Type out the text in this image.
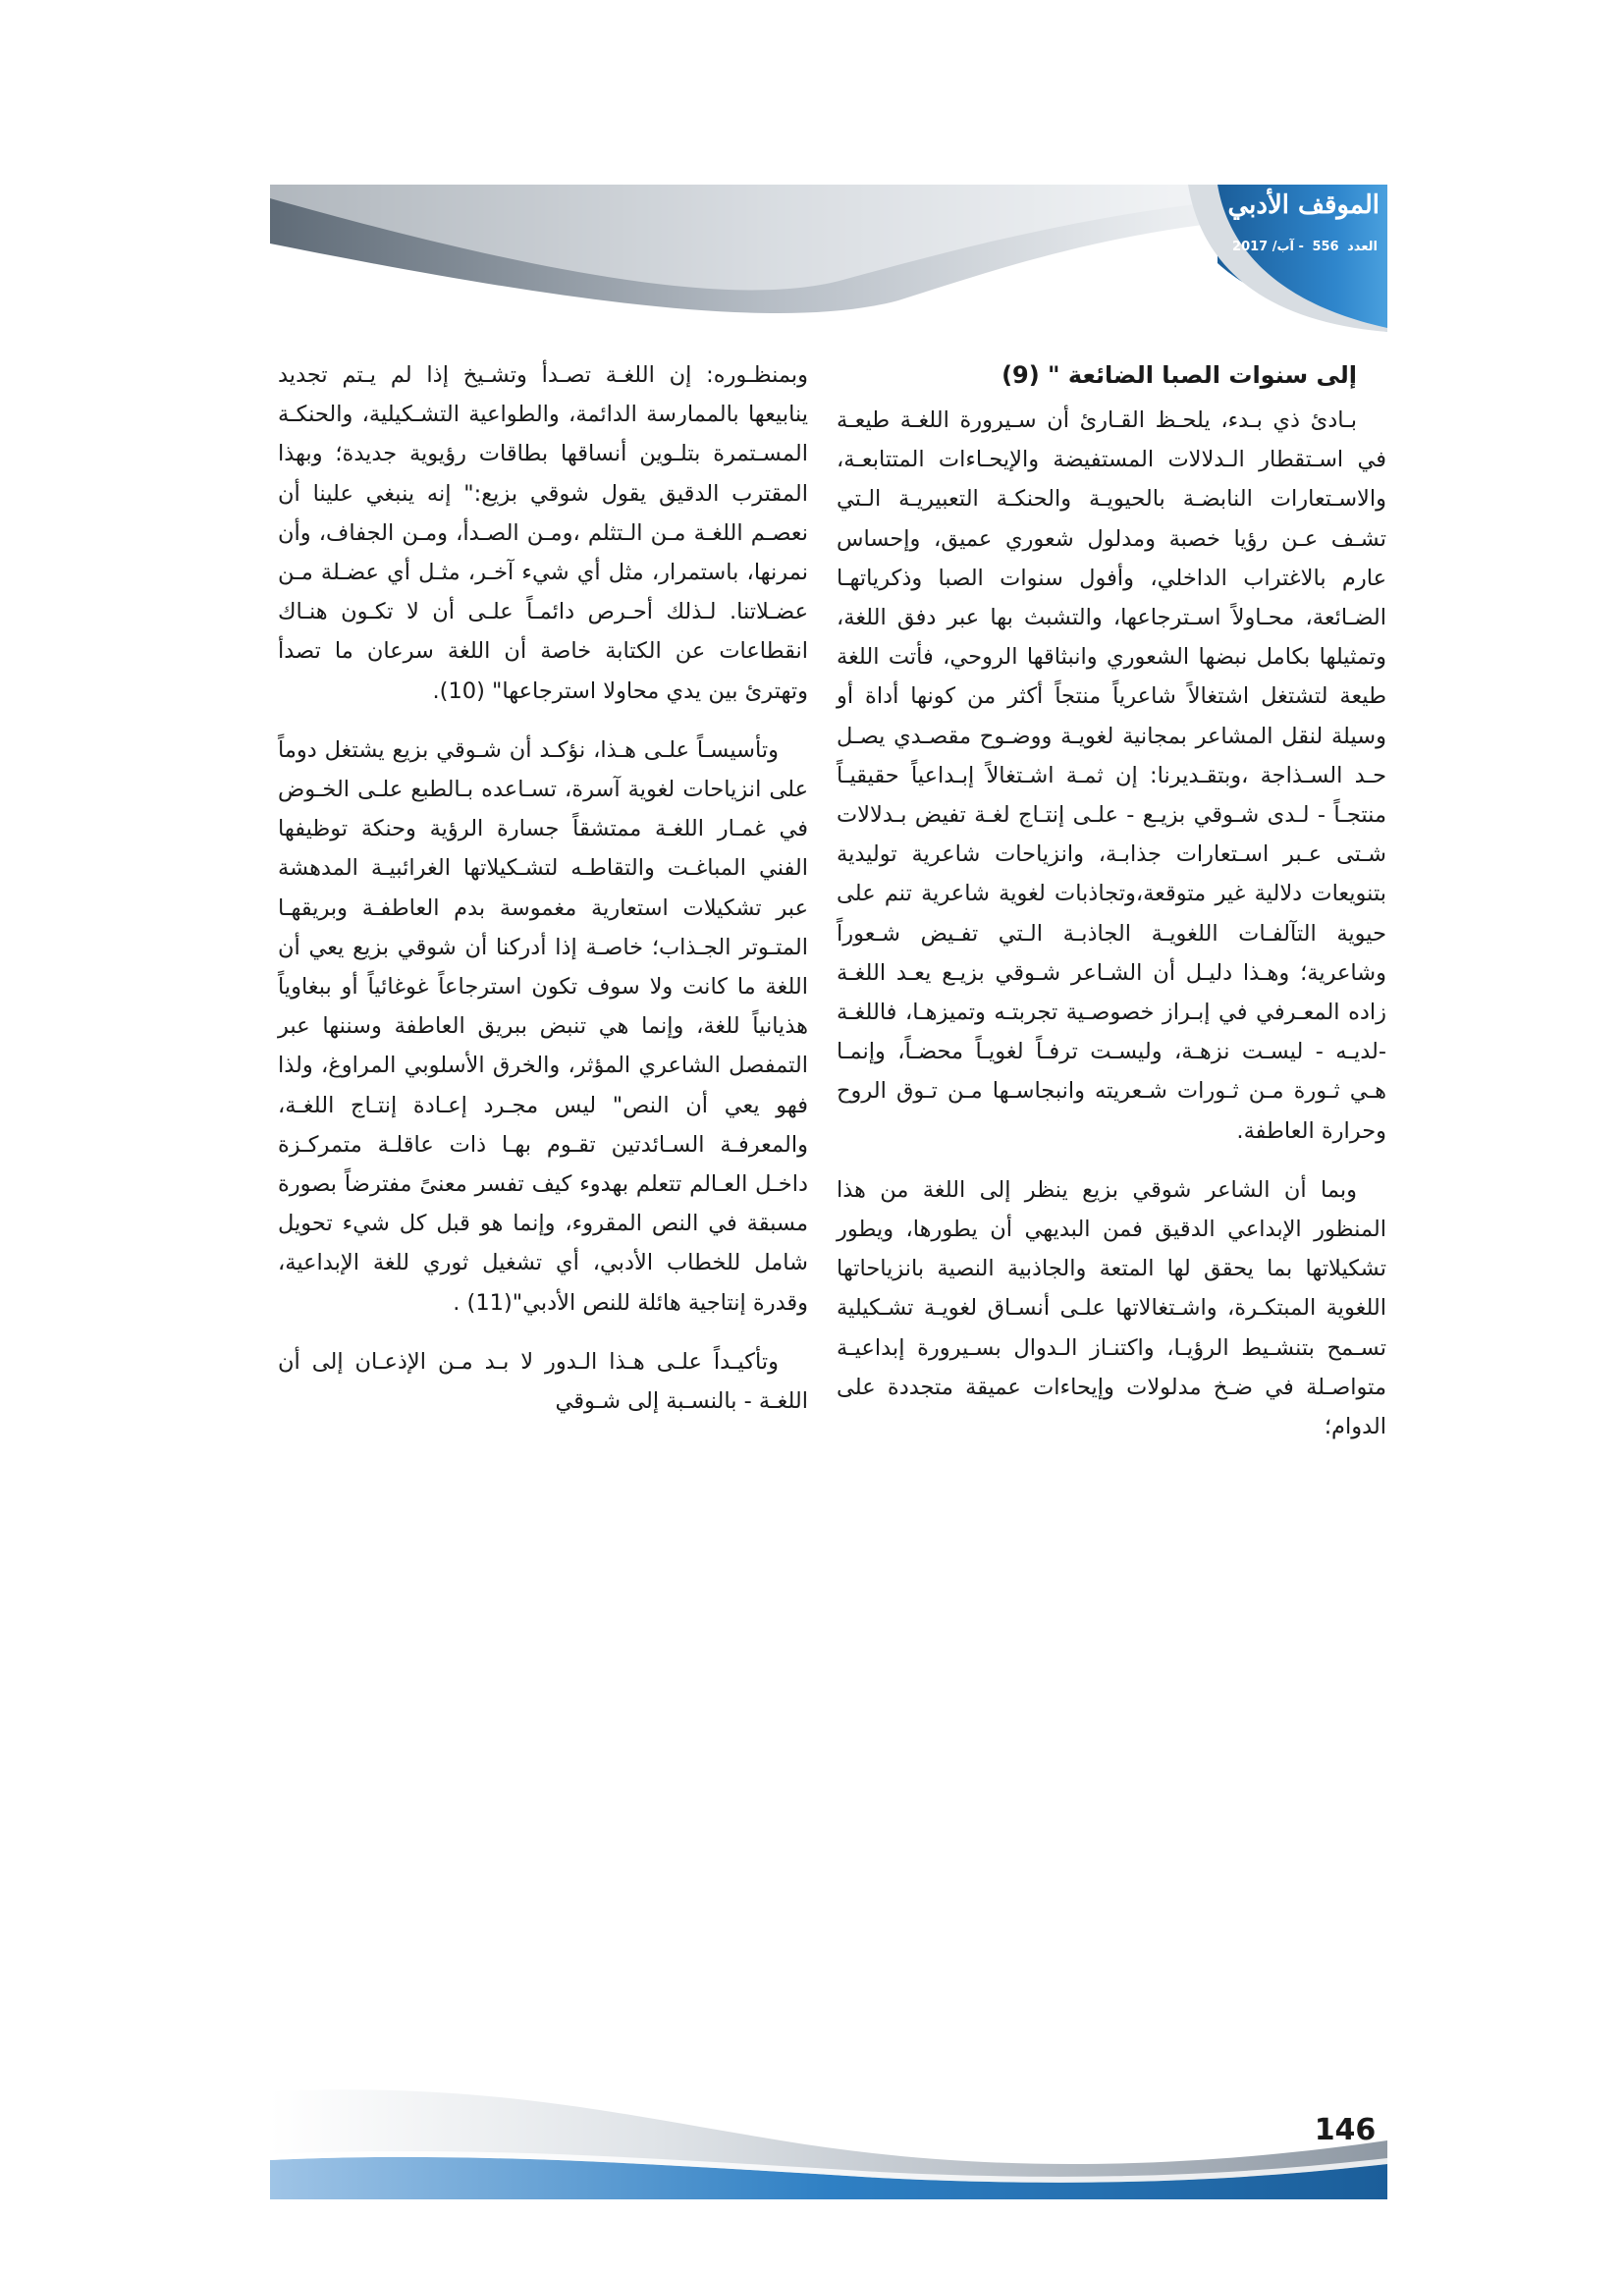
الموقف الأدبي
العدد 556 - آب/ 2017
إلى سنوات الصبا الضائعة " (9)

بـادئ ذي بـدء، يلحـظ القـارئ أن سـيرورة اللغـة طيعـة في اسـتقطار الـدلالات المستفيضة والإيحـاءات المتتابعـة، والاسـتعارات النابضـة بالحيويـة والحنكـة التعبيريـة الـتي تشـف عـن رؤيا خصبة ومدلول شعوري عميق، وإحساس عارم بالاغتراب الداخلي، وأفول سنوات الصبا وذكرياتهـا الضـائعة، محـاولاً اسـترجاعها، والتشبث بها عبر دفق اللغة، وتمثيلها بكامل نبضها الشعوري وانبثاقها الروحي، فأتت اللغة طيعة لتشتغل اشتغالاً شاعرياً منتجاً أكثر من كونها أداة أو وسيلة لنقل المشاعر بمجانية لغويـة ووضـوح مقصـدي يصـل حـد السـذاجة ،وبتقـديرنا: إن ثمـة اشـتغالاً إبـداعياً حقيقيـاً منتجـاً - لـدى شـوقي بزيـع - علـى إنتـاج لغـة تفيض بـدلالات شـتى عـبر اسـتعارات جذابـة، وانزياحات شاعرية توليدية بتنويعات دلالية غير متوقعة،وتجاذبات لغوية شاعرية تنم على حيوية التآلفـات اللغويـة الجاذبـة الـتي تفـيض شـعوراً وشاعرية؛ وهـذا دليـل أن الشـاعر شـوقي بزيـع يعـد اللغـة زاده المعـرفي في إبـراز خصوصـية تجربتـه وتميزهـا، فاللغـة -لديـه - ليسـت نزهـة، وليسـت ترفـاً لغويـاً محضـاً، وإنمـا هـي ثـورة مـن ثـورات شـعريته وانبجاسـها مـن تـوق الروح وحرارة العاطفة.

وبما أن الشاعر شوقي بزيع ينظر إلى اللغة من هذا المنظور الإبداعي الدقيق فمن البديهي أن يطورها، ويطور تشكيلاتها بما يحقق لها المتعة والجاذبية النصية بانزياحاتها اللغوية المبتكـرة، واشـتغالاتها علـى أنسـاق لغويـة تشـكيلية تسـمح بتنشـيط الرؤيـا، واكتنـاز الـدوال بسـيرورة إبداعيـة متواصـلة في ضـخ مدلولات وإيحاءات عميقة متجددة على الدوام؛

وبمنظـوره: إن اللغـة تصـدأ وتشـيخ إذا لم يـتم تجديد ينابيعها بالممارسة الدائمة، والطواعية التشـكيلية، والحنكـة المسـتمرة بتلـوين أنساقها بطاقات رؤيوية جديدة؛ وبهذا المقترب الدقيق يقول شوقي بزيع:" إنه ينبغي علينا أن نعصـم اللغـة مـن الـتثلم ،ومـن الصـدأ، ومـن الجفاف، وأن نمرنها، باستمرار، مثل أي شيء آخـر، مثـل أي عضـلة مـن عضـلاتنا. لـذلك أحـرص دائمـاً علـى أن لا تكـون هنـاك انقطاعات عن الكتابة خاصة أن اللغة سرعان ما تصدأ وتهترئ بين يدي محاولا استرجاعها" (10).

وتأسيسـاً علـى هـذا، نؤكـد أن شـوقي بزيع يشتغل دوماً على انزياحات لغوية آسرة، تسـاعده بـالطبع علـى الخـوض في غمـار اللغـة ممتشقاً جسارة الرؤية وحنكة توظيفها الفني المباغـت والتقاطـه لتشـكيلاتها الغرائبيـة المدهشة عبر تشكيلات استعارية مغموسة بدم العاطفـة وبريقهـا المتـوتر الجـذاب؛ خاصـة إذا أدركنا أن شوقي بزيع يعي أن اللغة ما كانت ولا سوف تكون استرجاعاً غوغائياً أو ببغاوياً هذيانياً للغة، وإنما هي تنبض ببريق العاطفة وسننها عبر التمفصل الشاعري المؤثر، والخرق الأسلوبي المراوغ، ولذا فهو يعي أن النص" ليس مجـرد إعـادة إنتـاج اللغـة، والمعرفـة السـائدتين تقـوم بهـا ذات عاقلـة متمركـزة داخـل العـالم تتعلم بهدوء كيف تفسر معنىً مفترضاً بصورة مسبقة في النص المقروء، وإنما هو قبل كل شيء تحويل شامل للخطاب الأدبي، أي تشغيل ثوري للغة الإبداعية، وقدرة إنتاجية هائلة للنص الأدبي"(11) .

وتأكيـداً علـى هـذا الـدور لا بـد مـن الإذعـان إلى أن اللغـة - بالنسـبة إلى شـوقي

146
